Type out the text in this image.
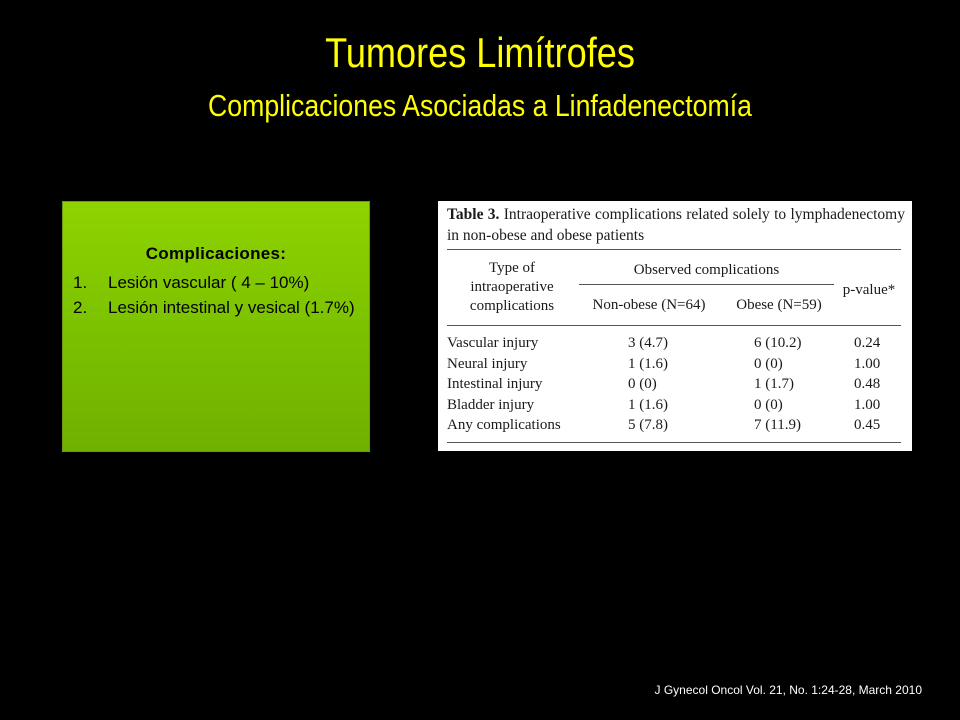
Tumores Limítrofes
Complicaciones Asociadas a Linfadenectomía
Complicaciones:
1. Lesión vascular ( 4 – 10%)
2. Lesión intestinal y vesical (1.7%)
Table 3. Intraoperative complications related solely to lymphadenectomy in non-obese and obese patients
Type of
intraoperative
complications
Observed complications
Non-obese (N=64)	Obese (N=59)
p-value*
Vascular injury	3 (4.7)	6 (10.2)	0.24
Neural injury	1 (1.6)	0 (0)	1.00
Intestinal injury	0 (0)	1 (1.7)	0.48
Bladder injury	1 (1.6)	0 (0)	1.00
Any complications	5 (7.8)	7 (11.9)	0.45
J Gynecol Oncol Vol. 21, No. 1:24-28, March 2010
